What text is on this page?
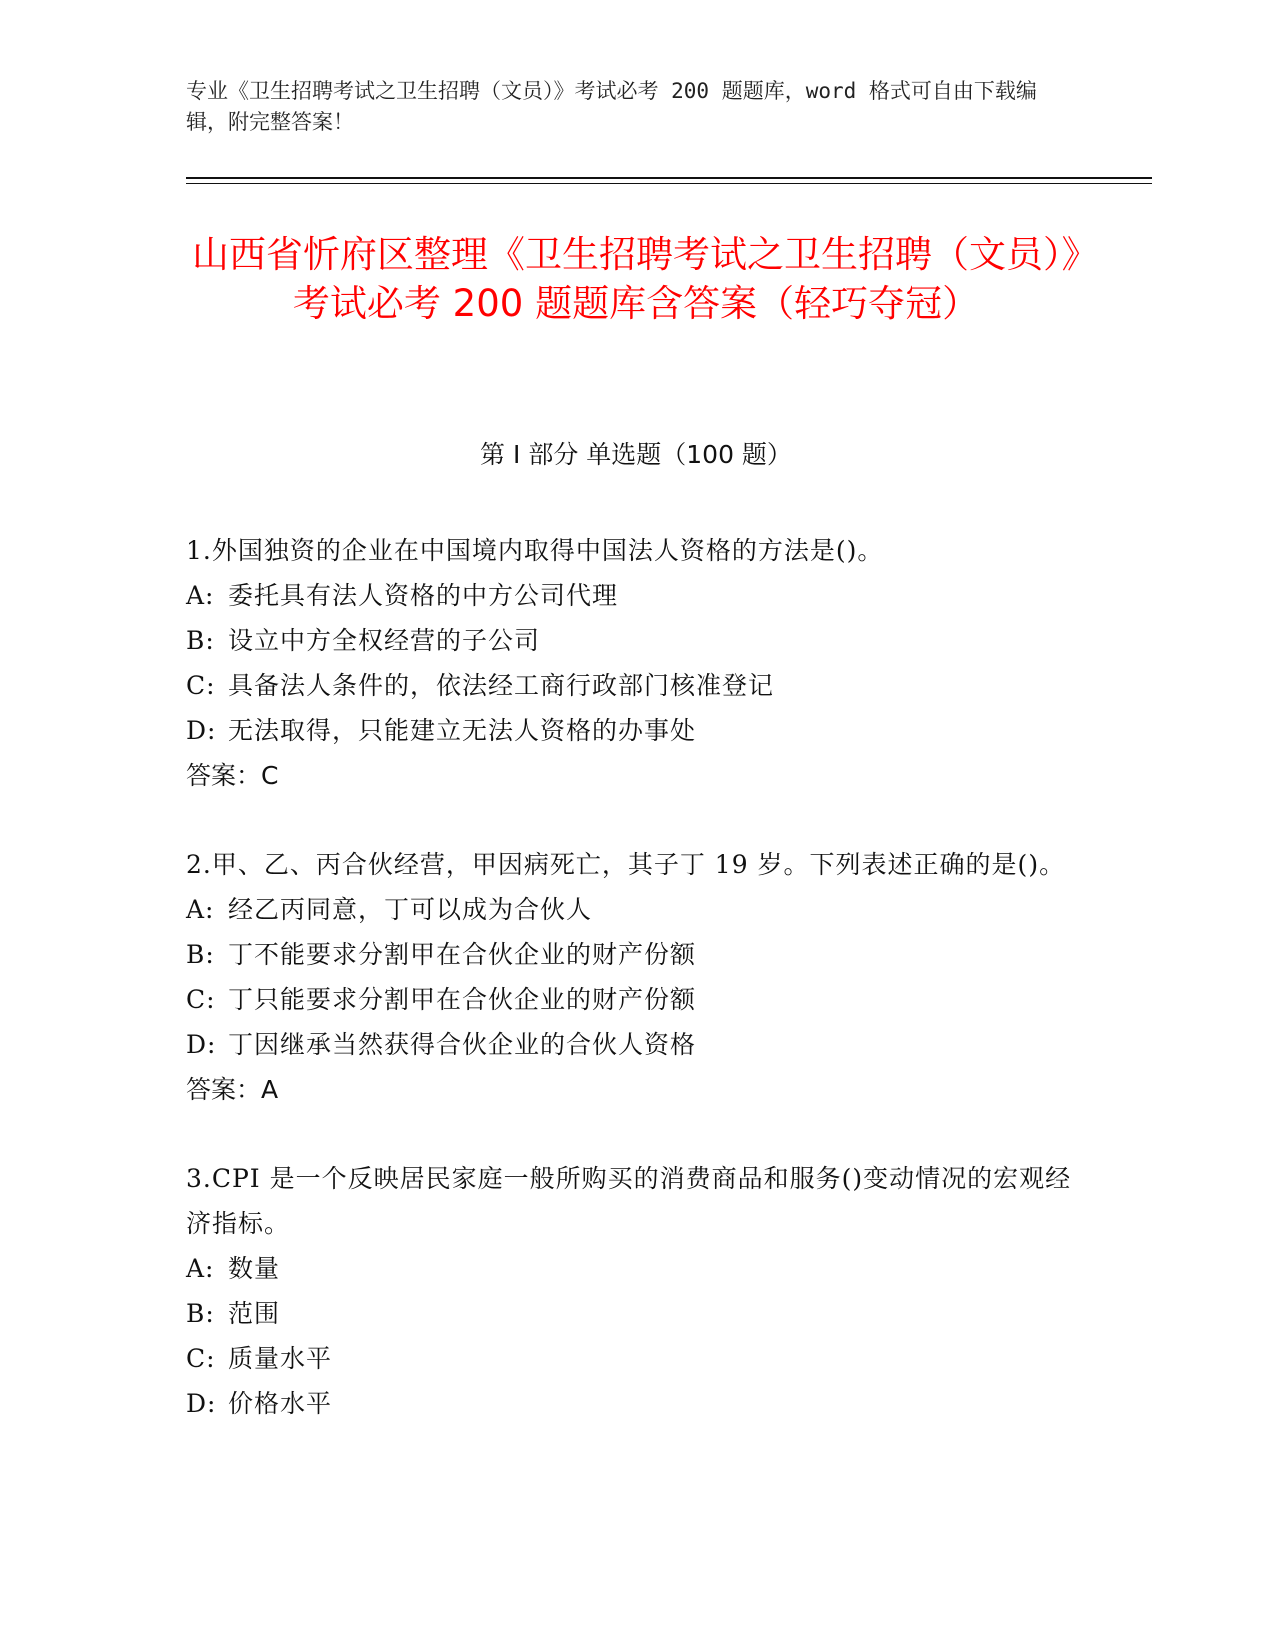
专业《卫生招聘考试之卫生招聘（文员）》考试必考 200 题题库，word 格式可自由下载编辑，附完整答案！
山西省忻府区整理《卫生招聘考试之卫生招聘（文员）》考试必考 200 题题库含答案（轻巧夺冠）
第 I 部分 单选题（100 题）

1.外国独资的企业在中国境内取得中国法人资格的方法是()。

A: 委托具有法人资格的中方公司代理

B: 设立中方全权经营的子公司

C: 具备法人条件的，依法经工商行政部门核准登记

D: 无法取得，只能建立无法人资格的办事处

答案：C

2.甲、乙、丙合伙经营，甲因病死亡，其子丁 19 岁。下列表述正确的是()。

A: 经乙丙同意，丁可以成为合伙人

B: 丁不能要求分割甲在合伙企业的财产份额

C: 丁只能要求分割甲在合伙企业的财产份额

D: 丁因继承当然获得合伙企业的合伙人资格

答案：A

3.CPI 是一个反映居民家庭一般所购买的消费商品和服务()变动情况的宏观经济指标。

A: 数量

B: 范围

C: 质量水平

D: 价格水平
